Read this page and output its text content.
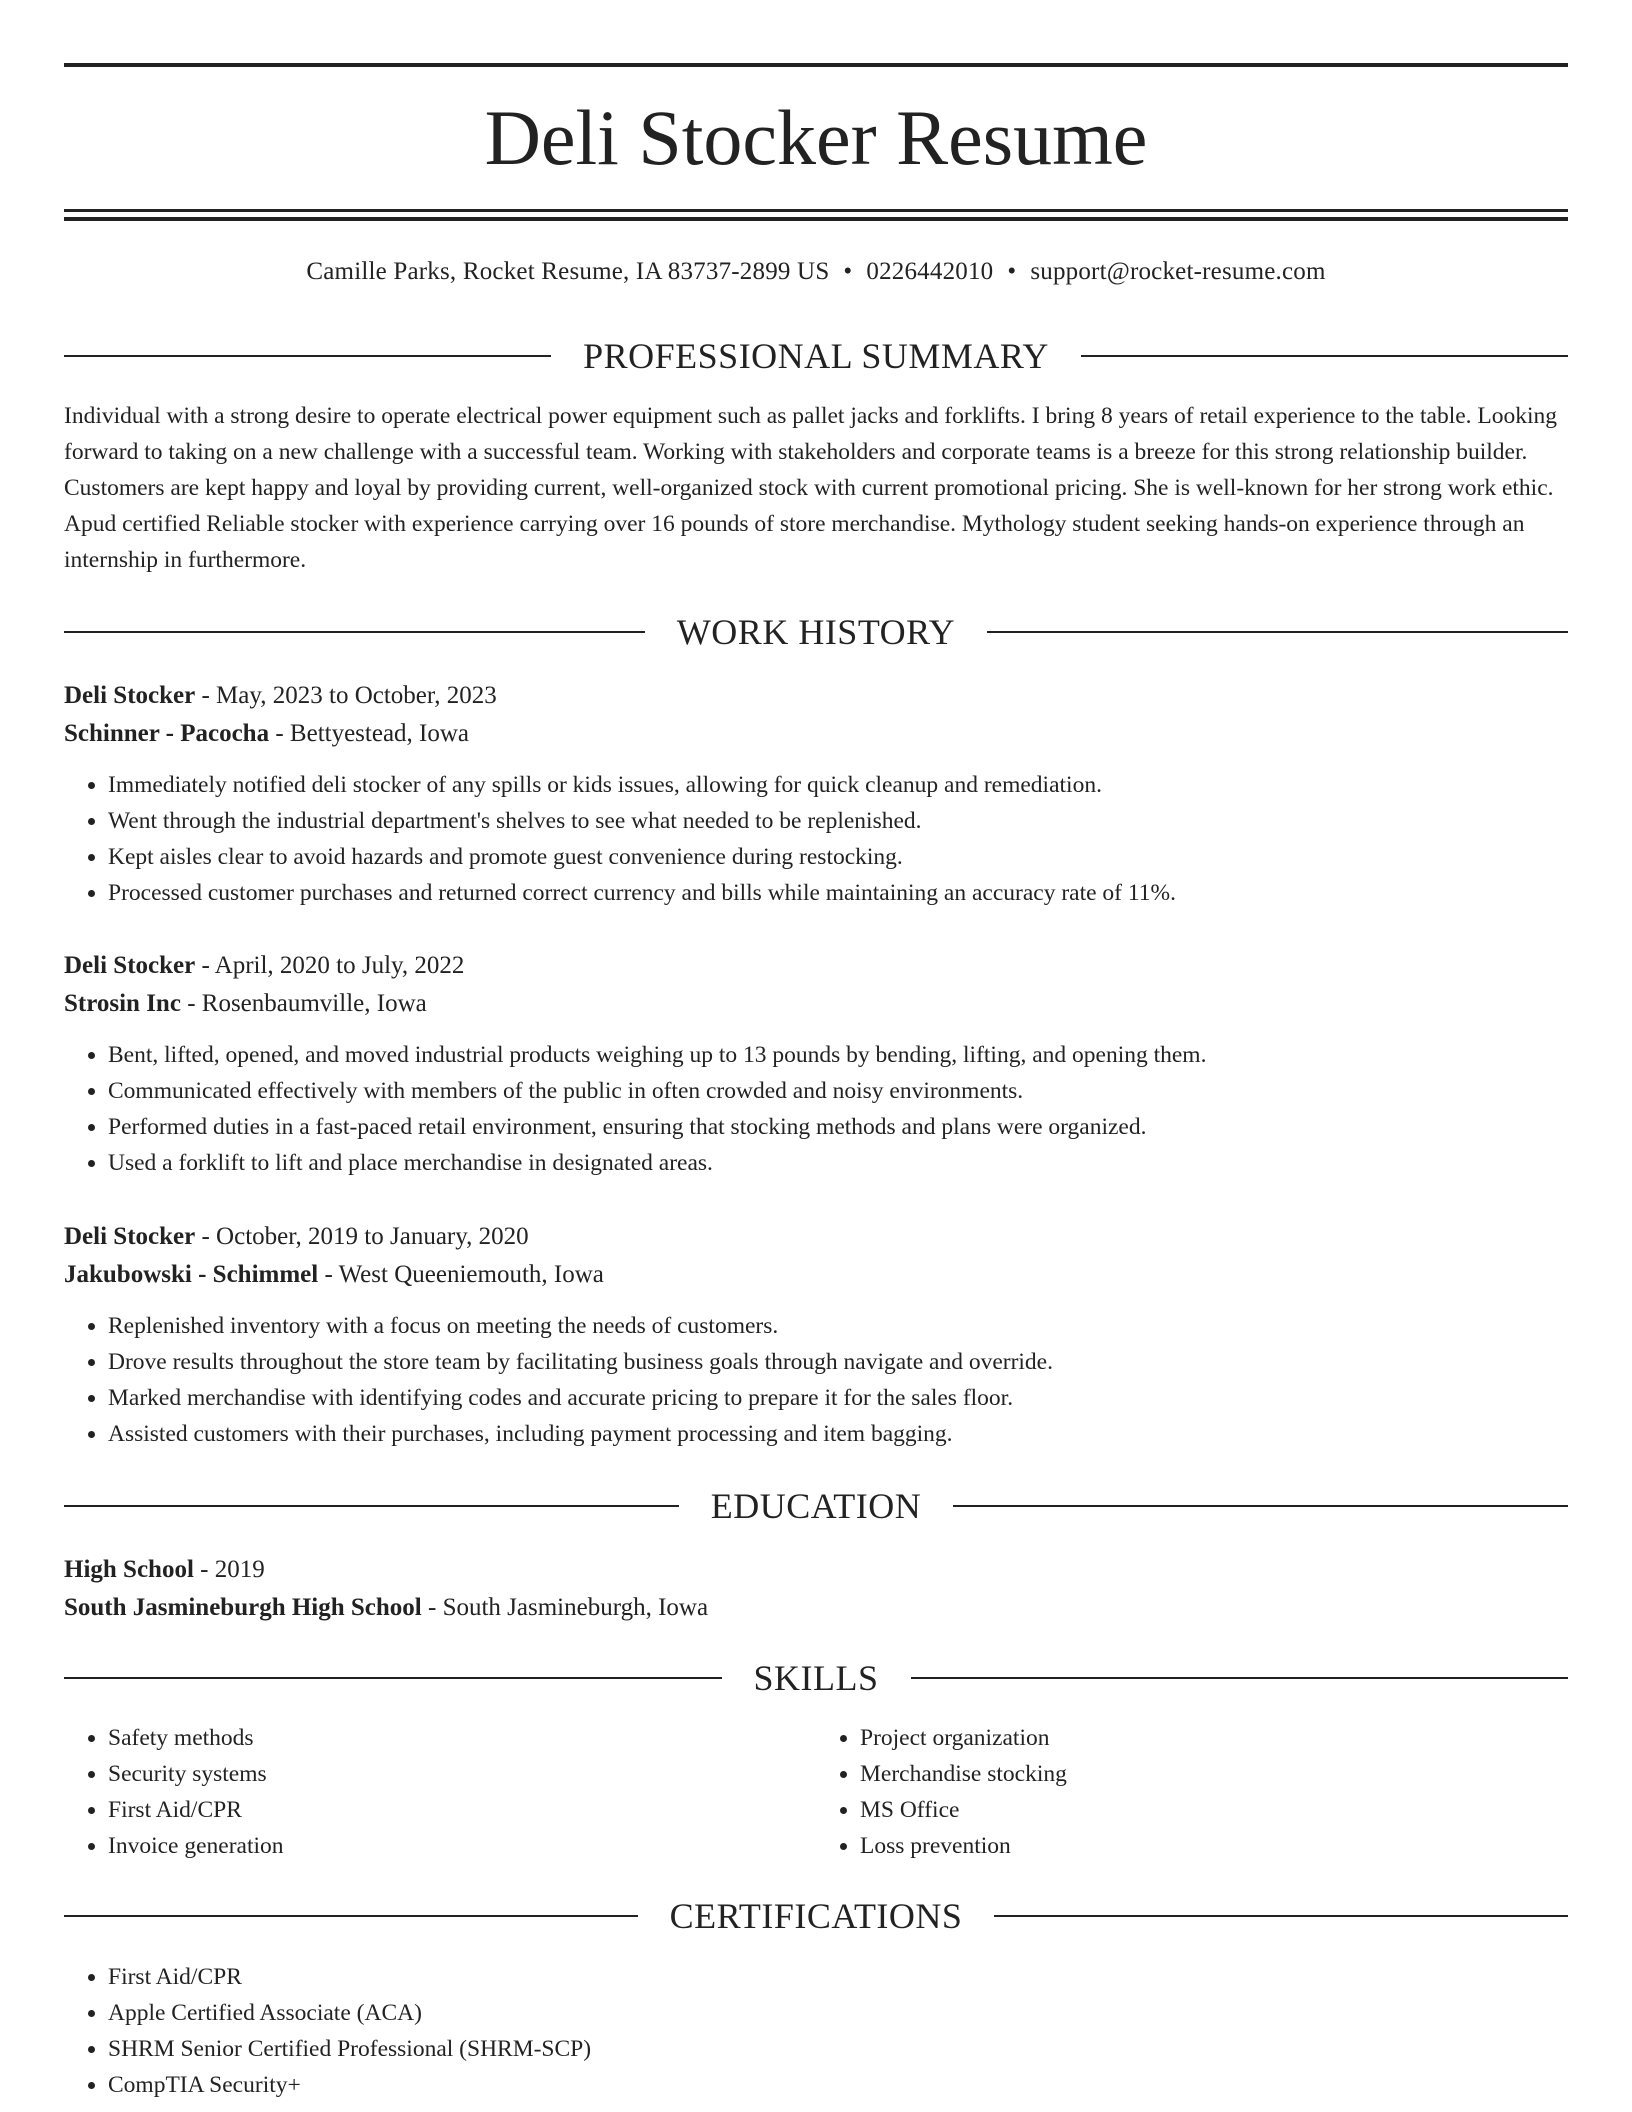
Deli Stocker Resume
Camille Parks, Rocket Resume, IA 83737-2899 US • 0226442010 • support@rocket-resume.com
PROFESSIONAL SUMMARY

Individual with a strong desire to operate electrical power equipment such as pallet jacks and forklifts. I bring 8 years of retail experience to the table. Looking forward to taking on a new challenge with a successful team. Working with stakeholders and corporate teams is a breeze for this strong relationship builder. Customers are kept happy and loyal by providing current, well-organized stock with current promotional pricing. She is well-known for her strong work ethic. Apud certified Reliable stocker with experience carrying over 16 pounds of store merchandise. Mythology student seeking hands-on experience through an internship in furthermore.

WORK HISTORY

Deli Stocker - May, 2023 to October, 2023

Schinner - Pacocha - Bettyestead, Iowa

• Immediately notified deli stocker of any spills or kids issues, allowing for quick cleanup and remediation.
• Went through the industrial department's shelves to see what needed to be replenished.
• Kept aisles clear to avoid hazards and promote guest convenience during restocking.
• Processed customer purchases and returned correct currency and bills while maintaining an accuracy rate of 11%.

Deli Stocker - April, 2020 to July, 2022

Strosin Inc - Rosenbaumville, Iowa

• Bent, lifted, opened, and moved industrial products weighing up to 13 pounds by bending, lifting, and opening them.
• Communicated effectively with members of the public in often crowded and noisy environments.
• Performed duties in a fast-paced retail environment, ensuring that stocking methods and plans were organized.
• Used a forklift to lift and place merchandise in designated areas.

Deli Stocker - October, 2019 to January, 2020

Jakubowski - Schimmel - West Queeniemouth, Iowa

• Replenished inventory with a focus on meeting the needs of customers.
• Drove results throughout the store team by facilitating business goals through navigate and override.
• Marked merchandise with identifying codes and accurate pricing to prepare it for the sales floor.
• Assisted customers with their purchases, including payment processing and item bagging.
EDUCATION

High School - 2019

South Jasmineburgh High School - South Jasmineburgh, Iowa

SKILLS
• Safety methods
• Security systems
• First Aid/CPR
• Invoice generation
• Project organization
• Merchandise stocking
• MS Office
• Loss prevention
CERTIFICATIONS
• First Aid/CPR
• Apple Certified Associate (ACA)
• SHRM Senior Certified Professional (SHRM-SCP)
• CompTIA Security+
